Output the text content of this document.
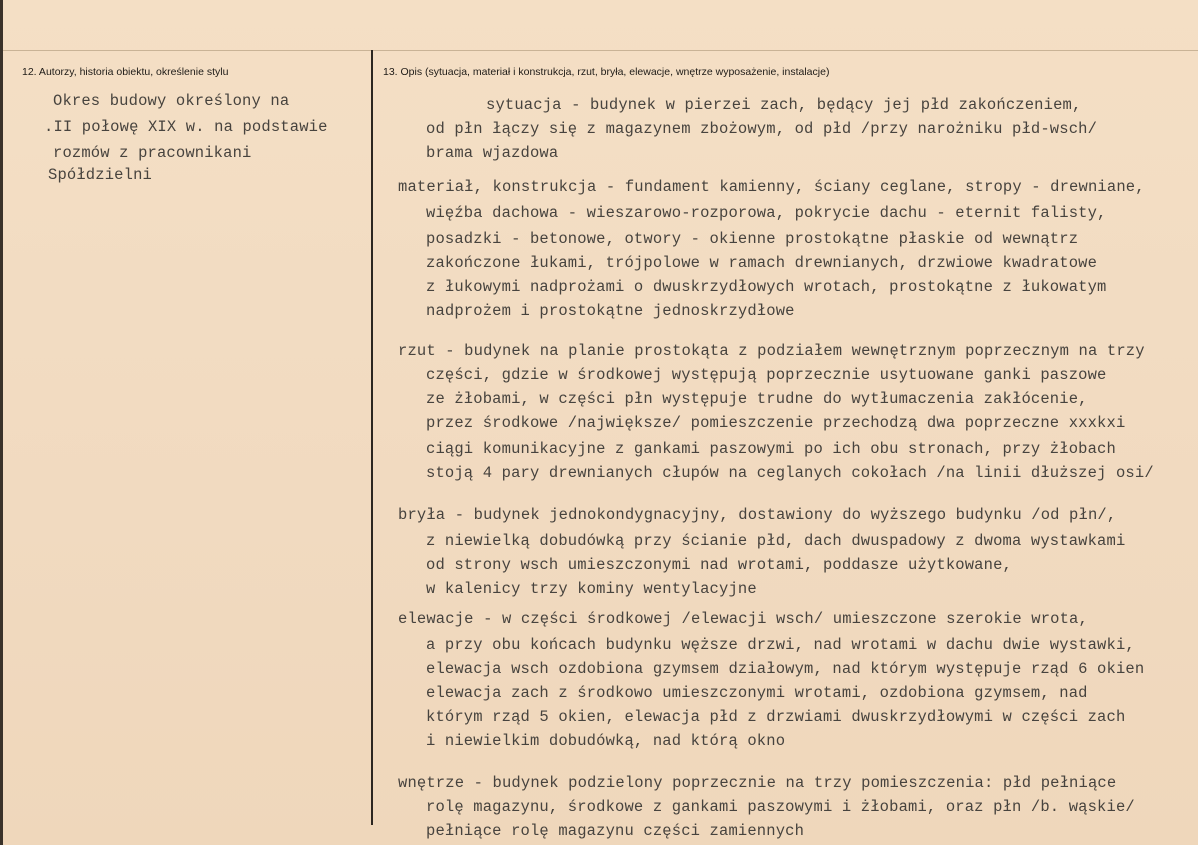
12. Autorzy, historia obiektu, określenie stylu	13. Opis (sytuacja, materiał i konstrukcja, rzut, bryła, elewacje, wnętrze wyposażenie, instalacje)
Okres budowy określony na
.II połowę XIX w. na podstawie
rozmów z pracownikani
Spółdzielni
sytuacja - budynek w pierzei zach, będący jej płd zakończeniem,
od płn łączy się z magazynem zbożowym, od płd /przy narożniku płd-wsch/
brama wjazdowa
materiał, konstrukcja - fundament kamienny, ściany ceglane, stropy - drewniane,
więźba dachowa - wieszarowo-rozporowa, pokrycie dachu - eternit falisty,
posadzki - betonowe, otwory - okienne prostokątne płaskie od wewnątrz
zakończone łukami, trójpolowe w ramach drewnianych, drzwiowe kwadratowe
z łukowymi nadprożami o dwuskrzydłowych wrotach, prostokątne z łukowatym
nadprożem i prostokątne jednoskrzydłowe
rzut - budynek na planie prostokąta z podziałem wewnętrznym poprzecznym na trzy
części, gdzie w środkowej występują poprzecznie usytuowane ganki paszowe
ze żłobami, w części płn występuje trudne do wytłumaczenia zakłócenie,
przez środkowe /największe/ pomieszczenie przechodzą dwa poprzeczne xxxkxi
ciągi komunikacyjne z gankami paszowymi po ich obu stronach, przy żłobach
stoją 4 pary drewnianych cłupów na ceglanych cokołach /na linii dłuższej osi/
bryła - budynek jednokondygnacyjny, dostawiony do wyższego budynku /od płn/,
z niewielką dobudówką przy ścianie płd, dach dwuspadowy z dwoma wystawkami
od strony wsch umieszczonymi nad wrotami, poddasze użytkowane,
w kalenicy trzy kominy wentylacyjne
elewacje - w części środkowej /elewacji wsch/ umieszczone szerokie wrota,
a przy obu końcach budynku węższe drzwi, nad wrotami w dachu dwie wystawki,
elewacja wsch ozdobiona gzymsem działowym, nad którym występuje rząd 6 okien
elewacja zach z środkowo umieszczonymi wrotami, ozdobiona gzymsem, nad
którym rząd 5 okien, elewacja płd z drzwiami dwuskrzydłowymi w części zach
i niewielkim dobudówką, nad którą okno
wnętrze - budynek podzielony poprzecznie na trzy pomieszczenia: płd pełniące
rolę magazynu, środkowe z gankami paszowymi i żłobami, oraz płn /b. wąskie/
pełniące rolę magazynu części zamiennych
